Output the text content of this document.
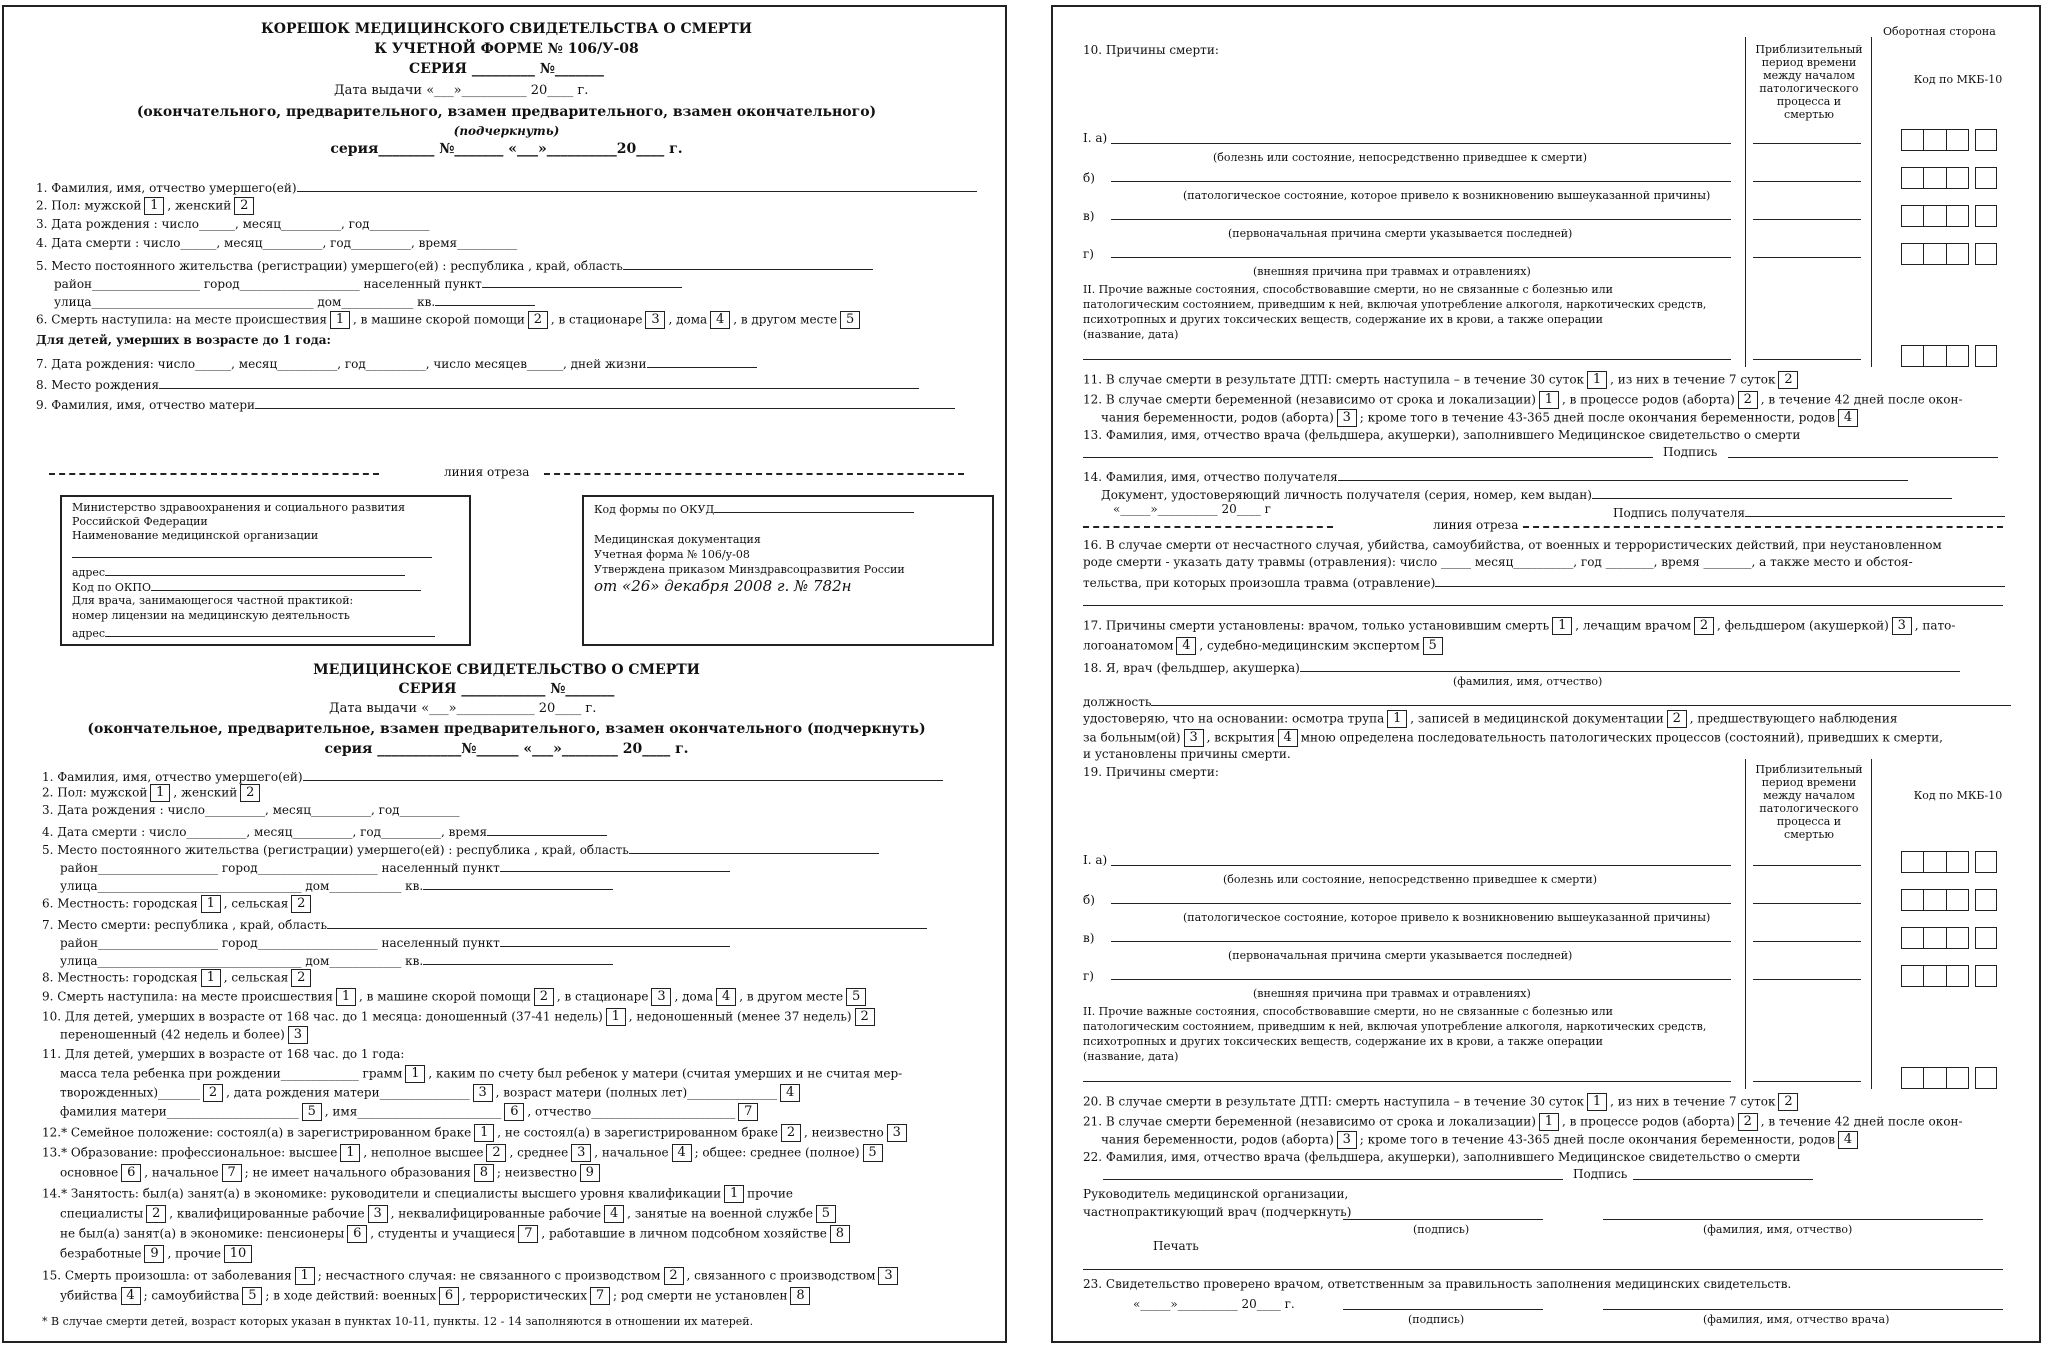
КОРЕШОК МЕДИЦИНСКОГО СВИДЕТЕЛЬСТВА О СМЕРТИ
К УЧЕТНОЙ ФОРМЕ № 106/У-08
СЕРИЯ _________ №_______
Дата выдачи «___»__________ 20____ г.
(окончательного, предварительного, взамен предварительного, взамен окончательного)
(подчеркнуть)
серия________ №_______ «___»__________20____ г.
1. Фамилия, имя, отчество умершего(ей)
2. Пол: мужской 1 , женский 2
3. Дата рождения : число______, месяц__________, год__________
4. Дата смерти : число______, месяц__________, год__________, время__________
5. Место постоянного жительства (регистрации) умершего(ей) : республика , край, область
район__________________ город____________________ населенный пункт
улица_____________________________________ дом____________ кв.
6. Смерть наступила: на месте происшествия 1 , в машине скорой помощи 2 , в стационаре 3 , дома 4 , в другом месте 5
Для детей, умерших в возрасте до 1 года:
7. Дата рождения: число______, месяц__________, год__________, число месяцев______, дней жизни
8. Место рождения
9. Фамилия, имя, отчество матери
линия отреза
Министерство здравоохранения и социального развития
Российской Федерации
Наименование медицинской организации
адрес
Код по ОКПО
Для врача, занимающегося частной практикой:
номер лицензии на медицинскую деятельность
адрес
Код формы по ОКУД
Медицинская документация
Учетная форма № 106/у-08
Утверждена приказом Минздравсоцразвития России
от «26» декабря 2008 г. № 782н
МЕДИЦИНСКОЕ СВИДЕТЕЛЬСТВО О СМЕРТИ
СЕРИЯ ____________ №_______
Дата выдачи «___»____________ 20____ г.
(окончательное, предварительное, взамен предварительного, взамен окончательного (подчеркнуть)
серия ____________№______ «___»________ 20____ г.
1. Фамилия, имя, отчество умершего(ей)
2. Пол: мужской 1 , женский 2
3. Дата рождения : число__________, месяц__________, год__________
4. Дата смерти : число__________, месяц__________, год__________, время
5. Место постоянного жительства (регистрации) умершего(ей) : республика , край, область
район____________________ город____________________ населенный пункт
улица__________________________________ дом____________ кв.
6. Местность: городская 1 , сельская 2
7. Место смерти: республика , край, область
район____________________ город____________________ населенный пункт
улица__________________________________ дом____________ кв.
8. Местность: городская 1 , сельская 2
9. Смерть наступила: на месте происшествия 1 , в машине скорой помощи 2 , в стационаре 3 , дома 4 , в другом месте 5
10. Для детей, умерших в возрасте от 168 час. до 1 месяца: доношенный (37-41 недель) 1 , недоношенный (менее 37 недель) 2
переношенный (42 недель и более) 3
11. Для детей, умерших в возрасте от 168 час. до 1 года:
масса тела ребенка при рождении_____________ грамм 1 , каким по счету был ребенок у матери (считая умерших и не считая мер-
творожденных)_______ 2 , дата рождения матери_______________ 3 , возраст матери (полных лет)_______________ 4
фамилия матери______________________ 5 , имя________________________ 6 , отчество________________________ 7
12.* Семейное положение: состоял(а) в зарегистрированном браке 1 , не состоял(а) в зарегистрированном браке 2 , неизвестно 3
13.* Образование: профессиональное: высшее 1 , неполное высшее 2 , среднее 3 , начальное 4 ; общее: среднее (полное) 5
основное 6 , начальное 7 ; не имеет начального образования 8 ; неизвестно 9
14.* Занятость: был(а) занят(а) в экономике: руководители и специалисты высшего уровня квалификации 1 прочие
специалисты 2 , квалифицированные рабочие 3 , неквалифицированные рабочие 4 , занятые на военной службе 5
не был(а) занят(а) в экономике: пенсионеры 6 , студенты и учащиеся 7 , работавшие в личном подсобном хозяйстве 8
безработные 9 , прочие 10
15. Смерть произошла: от заболевания 1 ; несчастного случая: не связанного с производством 2 , связанного с производством 3
убийства 4 ; самоубийства 5 ; в ходе действий: военных 6 , террористических 7 ; род смерти не установлен 8
* В случае смерти детей, возраст которых указан в пунктах 10-11, пункты. 12 - 14 заполняются в отношении их матерей.
Оборотная сторона
10. Причины смерти:	Приблизительный период времени между началом патологического процесса и смертью
Код по МКБ-10
I. а)
(болезнь или состояние, непосредственно приведшее к смерти)
б)
(патологическое состояние, которое привело к возникновению вышеуказанной причины)
в)
(первоначальная причина смерти указывается последней)
г)
(внешняя причина при травмах и отравлениях)
II. Прочие важные состояния, способствовавшие смерти, но не связанные с болезнью или
патологическим состоянием, приведшим к ней, включая употребление алкоголя, наркотических средств,
психотропных и других токсических веществ, содержание их в крови, а также операции
(название, дата)
11. В случае смерти в результате ДТП: смерть наступила – в течение 30 суток 1 , из них в течение 7 суток 2
12. В случае смерти беременной (независимо от срока и локализации) 1 , в процессе родов (аборта) 2 , в течение 42 дней после окон-
чания беременности, родов (аборта) 3 ; кроме того в течение 43-365 дней после окончания беременности, родов 4
13. Фамилия, имя, отчество врача (фельдшера, акушерки), заполнившего Медицинское свидетельство о смерти
Подпись
14. Фамилия, имя, отчество получателя
Документ, удостоверяющий личность получателя (серия, номер, кем выдан)
«_____»__________ 20____ г	Подпись получателя
линия отреза
16. В случае смерти от несчастного случая, убийства, самоубийства, от военных и террористических действий, при неустановленном
роде смерти - указать дату травмы (отравления): число _____ месяц__________, год ________, время ________, а также место и обстоя-
тельства, при которых произошла травма (отравление)
17. Причины смерти установлены: врачом, только установившим смерть 1 , лечащим врачом 2 , фельдшером (акушеркой) 3 , пато-
логоанатомом 4 , судебно-медицинским экспертом 5
18. Я, врач (фельдшер, акушерка)
(фамилия, имя, отчество)
должность
удостоверяю, что на основании: осмотра трупа 1 , записей в медицинской документации 2 , предшествующего наблюдения
за больным(ой) 3 , вскрытия 4 мною определена последовательность патологических процессов (состояний), приведших к смерти,
и установлены причины смерти.
19. Причины смерти:	Приблизительный период времени между началом патологического процесса и смертью
Код по МКБ-10
I. а)
(болезнь или состояние, непосредственно приведшее к смерти)
б)
(патологическое состояние, которое привело к возникновению вышеуказанной причины)
в)
(первоначальная причина смерти указывается последней)
г)
(внешняя причина при травмах и отравлениях)
II. Прочие важные состояния, способствовавшие смерти, но не связанные с болезнью или
патологическим состоянием, приведшим к ней, включая употребление алкоголя, наркотических средств,
психотропных и других токсических веществ, содержание их в крови, а также операции
(название, дата)
20. В случае смерти в результате ДТП: смерть наступила – в течение 30 суток 1 , из них в течение 7 суток 2
21. В случае смерти беременной (независимо от срока и локализации) 1 , в процессе родов (аборта) 2 , в течение 42 дней после окон-
чания беременности, родов (аборта) 3 ; кроме того в течение 43-365 дней после окончания беременности, родов 4
22. Фамилия, имя, отчество врача (фельдшера, акушерки), заполнившего Медицинское свидетельство о смерти
Подпись
Руководитель медицинской организации,
частнопрактикующий врач (подчеркнуть)
(подпись)	(фамилия, имя, отчество)
Печать
23. Свидетельство проверено врачом, ответственным за правильность заполнения медицинских свидетельств.
«_____»__________ 20____ г.
(подпись)	(фамилия, имя, отчество врача)
